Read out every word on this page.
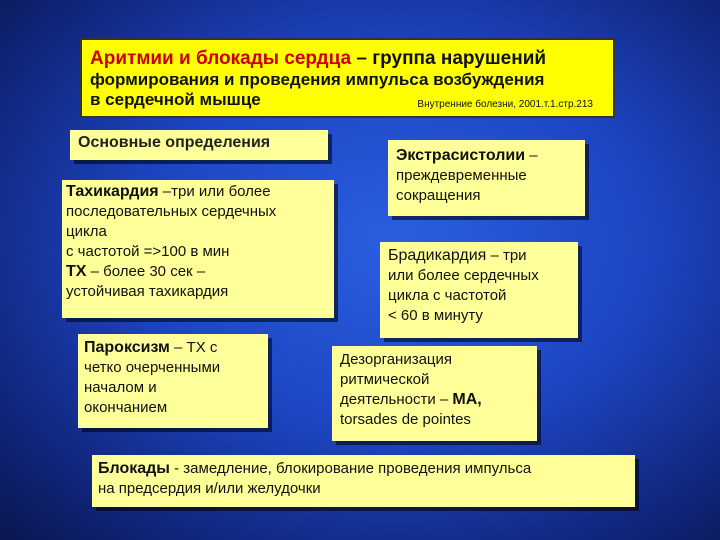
Аритмии и блокады сердца – группа нарушений
формирования и проведения импульса возбуждения
в сердечной мышце	Внутренние болезни, 2001.т.1.стр.213
Основные определения
Тахикардия –три или более
последовательных сердечных
цикла
с частотой =>100 в мин
ТХ – более 30 сек –
устойчивая тахикардия
Экстрасистолии –
преждевременные
сокращения
Брадикардия – три
или более сердечных
цикла с частотой
< 60 в минуту
Пароксизм – ТХ с
четко очерченными
началом и
окончанием
Дезорганизация
ритмической
деятельности – МА,
torsades de pointes
Блокады - замедление, блокирование проведения импульса
на предсердия и/или желудочки
